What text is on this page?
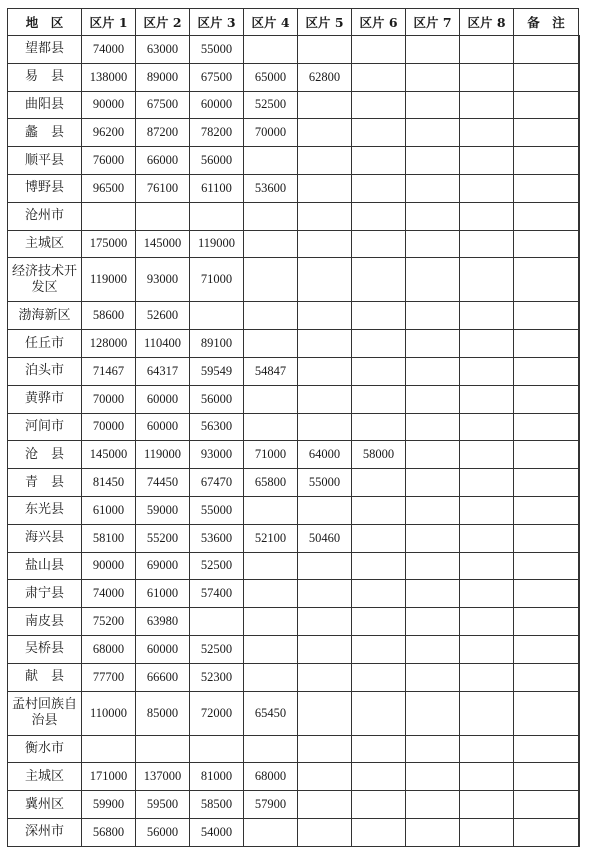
地　区	区片 1	区片 2	区片 3	区片 4	区片 5	区片 6	区片 7	区片 8	备　注	
望都县	74000	63000	55000							
易　县	138000	89000	67500	65000	62800					
曲阳县	90000	67500	60000	52500						
蠡　县	96200	87200	78200	70000						
顺平县	76000	66000	56000							
博野县	96500	76100	61100	53600						
沧州市										
主城区	175000	145000	119000							
经济技术开发区	119000	93000	71000							
渤海新区	58600	52600								
任丘市	128000	110400	89100							
泊头市	71467	64317	59549	54847						
黄骅市	70000	60000	56000							
河间市	70000	60000	56300							
沧　县	145000	119000	93000	71000	64000	58000				
青　县	81450	74450	67470	65800	55000					
东光县	61000	59000	55000							
海兴县	58100	55200	53600	52100	50460					
盐山县	90000	69000	52500							
肃宁县	74000	61000	57400							
南皮县	75200	63980								
吴桥县	68000	60000	52500							
献　县	77700	66600	52300							
孟村回族自治县	110000	85000	72000	65450						
衡水市										
主城区	171000	137000	81000	68000						
冀州区	59900	59500	58500	57900						
深州市	56800	56000	54000							
